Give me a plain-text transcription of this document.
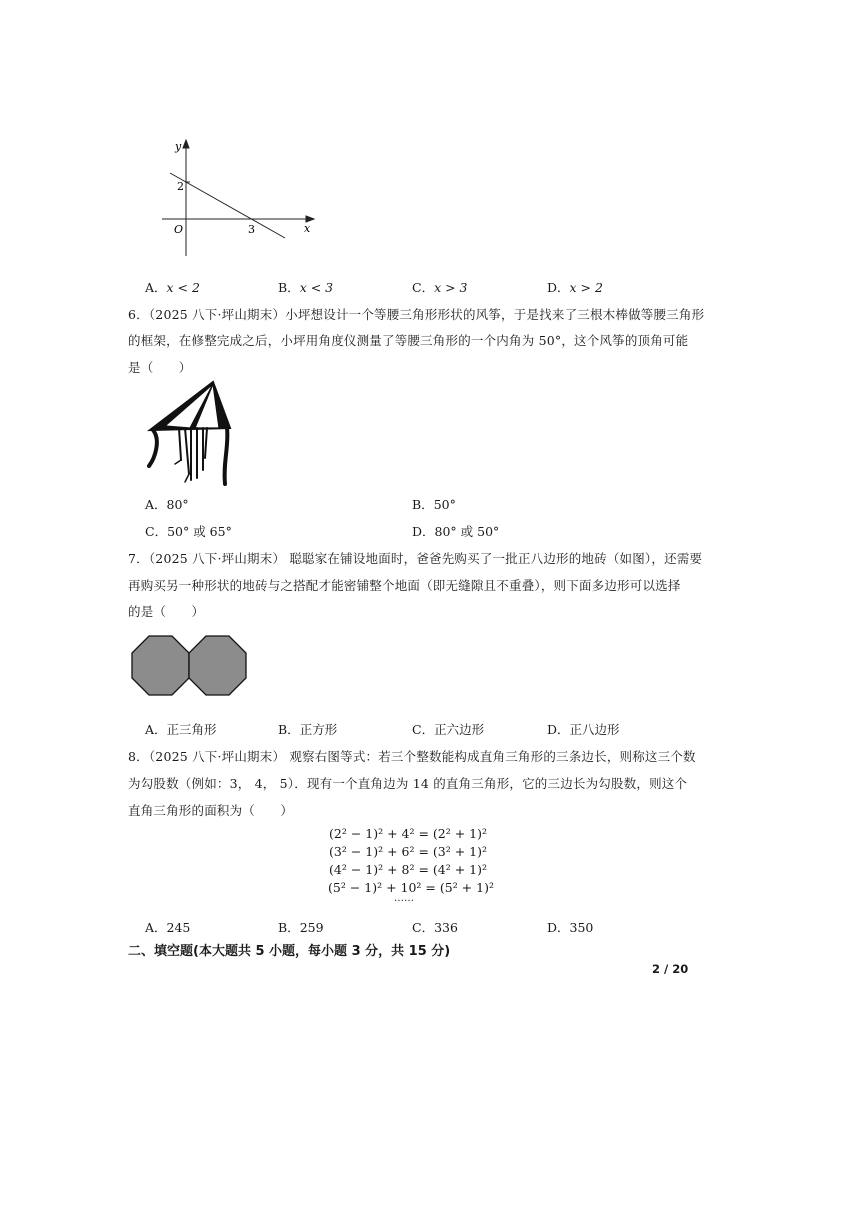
y
x
O
2
3
A．x < 2	B．x < 3	C．x > 3	D．x > 2
6．（2025 八下·坪山期末）小坪想设计一个等腰三角形形状的风筝，于是找来了三根木棒做等腰三角形
的框架，在修整完成之后，小坪用角度仪测量了等腰三角形的一个内角为 50°，这个风筝的顶角可能
是（　　）
A．80°	B．50°
C．50° 或 65°	D．80° 或 50°
7．（2025 八下·坪山期末） 聪聪家在铺设地面时，爸爸先购买了一批正八边形的地砖（如图），还需要
再购买另一种形状的地砖与之搭配才能密铺整个地面（即无缝隙且不重叠），则下面多边形可以选择
的是（　　）
A．正三角形	B．正方形	C．正六边形	D．正八边形
8．（2025 八下·坪山期末） 观察右图等式：若三个整数能构成直角三角形的三条边长，则称这三个数
为勾股数（例如：3， 4， 5）．现有一个直角边为 14 的直角三角形，它的三边长为勾股数，则这个
直角三角形的面积为（　　）
(2² − 1)² + 4² = (2² + 1)²
(3² − 1)² + 6² = (3² + 1)²
(4² − 1)² + 8² = (4² + 1)²
(5² − 1)² + 10² = (5² + 1)²
……
A．245	B．259	C．336	D．350
二、填空题(本大题共 5 小题，每小题 3 分，共 15 分)
2 / 20
